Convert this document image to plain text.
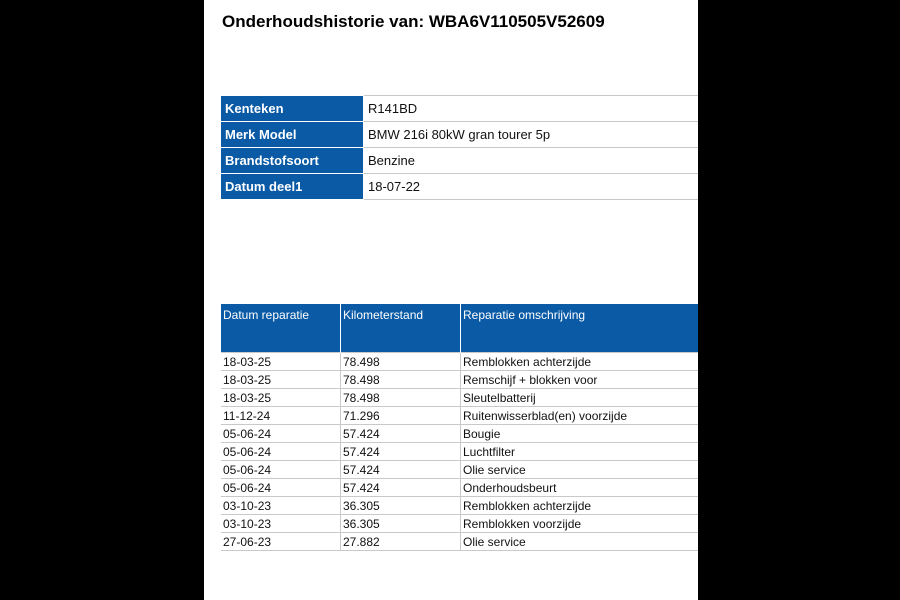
Onderhoudshistorie van: WBA6V110505V52609
Kenteken	R141BD
Merk Model	BMW 216i 80kW gran tourer 5p
Brandstofsoort	Benzine
Datum deel1	18-07-22
Datum reparatie	Kilometerstand	Reparatie omschrijving
18-03-25	78.498	Remblokken achterzijde
18-03-25	78.498	Remschijf + blokken voor
18-03-25	78.498	Sleutelbatterij
11-12-24	71.296	Ruitenwisserblad(en) voorzijde
05-06-24	57.424	Bougie
05-06-24	57.424	Luchtfilter
05-06-24	57.424	Olie service
05-06-24	57.424	Onderhoudsbeurt
03-10-23	36.305	Remblokken achterzijde
03-10-23	36.305	Remblokken voorzijde
27-06-23	27.882	Olie service
